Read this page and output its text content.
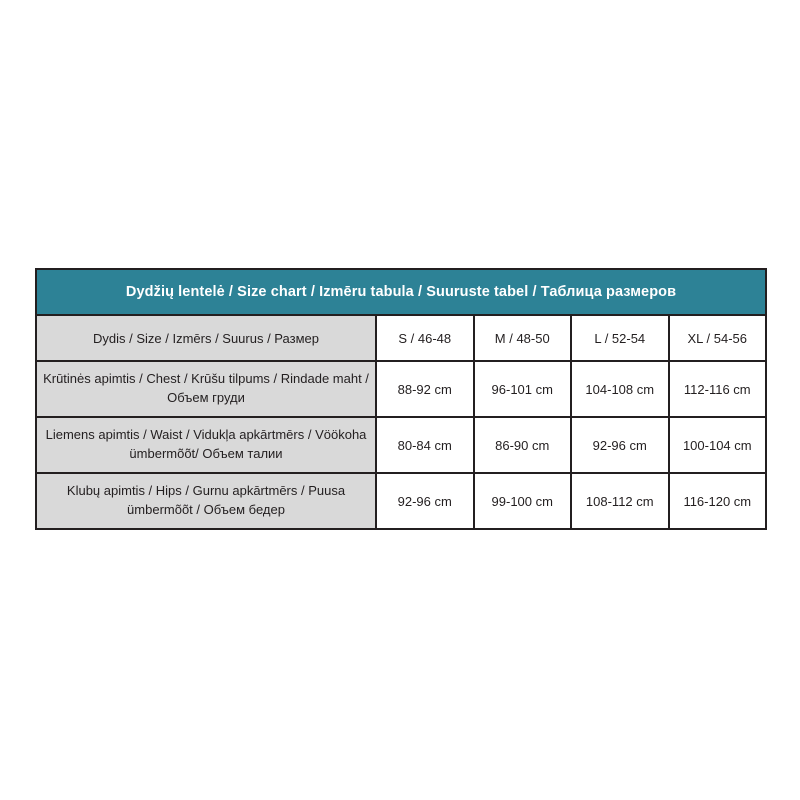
Dydžių lentelė / Size chart / Izmēru tabula / Suuruste tabel / Таблица размеров				
Dydis / Size / Izmērs / Suurus / Размер	S / 46-48	M / 48-50	L / 52-54	XL / 54-56
Krūtinės apimtis / Chest / Krūšu tilpums / Rindade maht / Объем груди	88-92 cm	96-101 cm	104-108 cm	112-116 cm
Liemens apimtis / Waist / Vidukļa apkārtmērs / Vöökoha ümbermõõt/ Объем талии	80-84 cm	86-90 cm	92-96 cm	100-104 cm
Klubų apimtis / Hips / Gurnu apkārtmērs / Puusa ümbermõõt / Объем бедер	92-96 cm	99-100 cm	108-112 cm	116-120 cm
